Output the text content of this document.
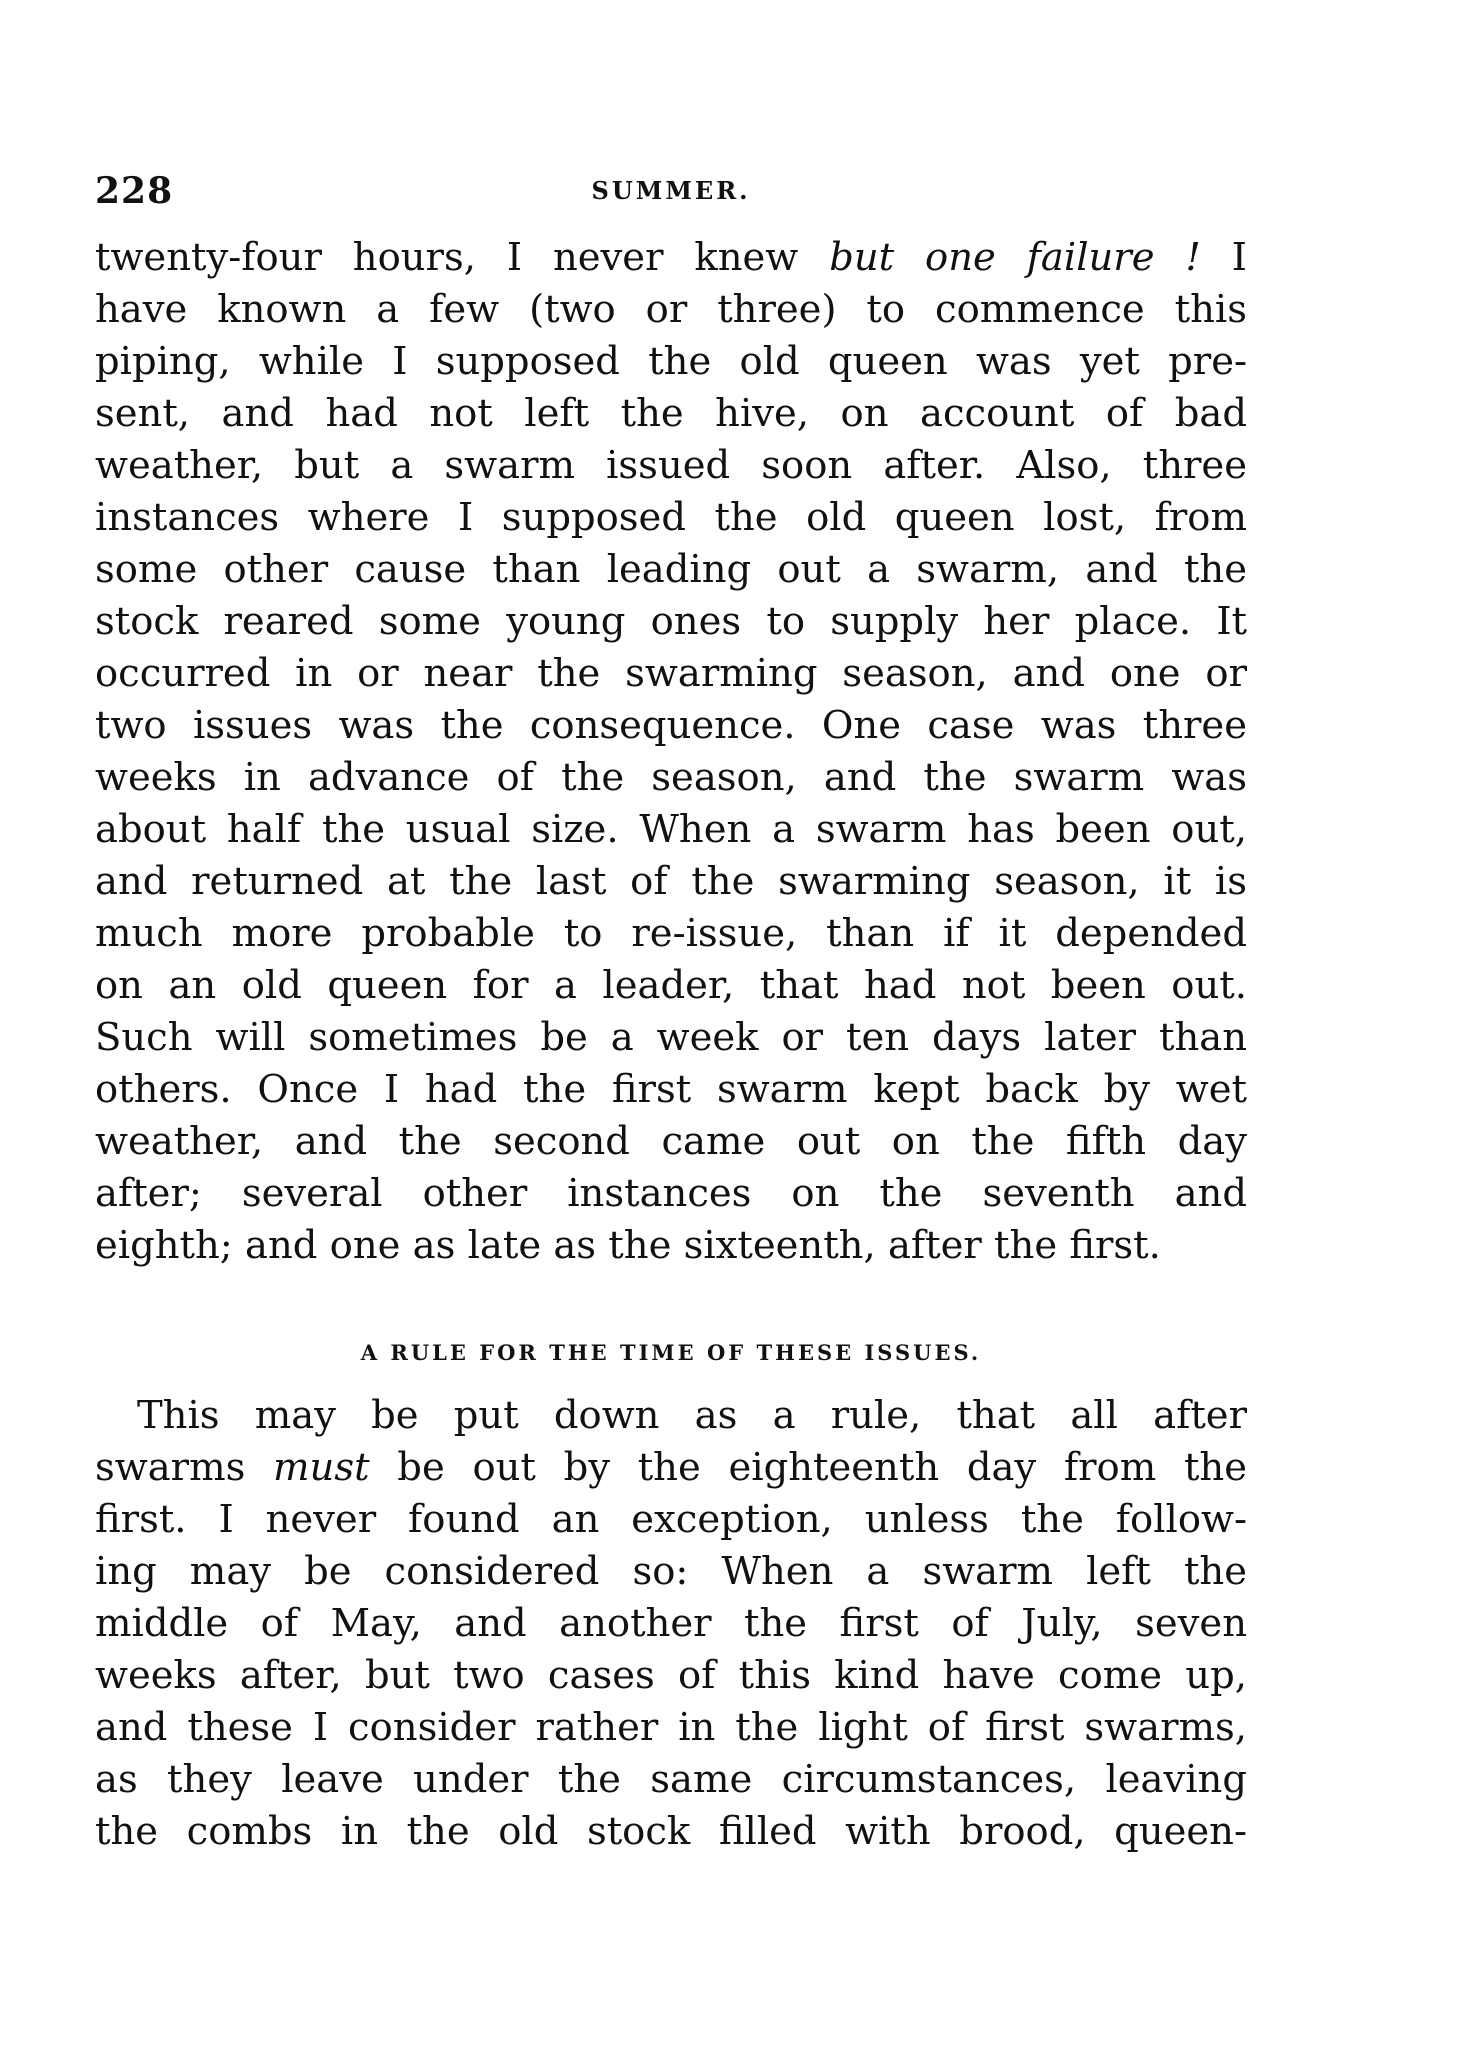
228	SUMMER.
twenty-four hours, I never knew but one failure ! I
have known a few (two or three) to commence this
piping, while I supposed the old queen was yet pre-
sent, and had not left the hive, on account of bad
weather, but a swarm issued soon after. Also, three
instances where I supposed the old queen lost, from
some other cause than leading out a swarm, and the
stock reared some young ones to supply her place. It
occurred in or near the swarming season, and one or
two issues was the consequence. One case was three
weeks in advance of the season, and the swarm was
about half the usual size. When a swarm has been out,
and returned at the last of the swarming season, it is
much more probable to re-issue, than if it depended
on an old queen for a leader, that had not been out.
Such will sometimes be a week or ten days later than
others. Once I had the first swarm kept back by wet
weather, and the second came out on the fifth day
after; several other instances on the seventh and
eighth; and one as late as the sixteenth, after the first.
A RULE FOR THE TIME OF THESE ISSUES.
This may be put down as a rule, that all after
swarms must be out by the eighteenth day from the
first. I never found an exception, unless the follow-
ing may be considered so: When a swarm left the
middle of May, and another the first of July, seven
weeks after, but two cases of this kind have come up,
and these I consider rather in the light of first swarms,
as they leave under the same circumstances, leaving
the combs in the old stock filled with brood, queen-
